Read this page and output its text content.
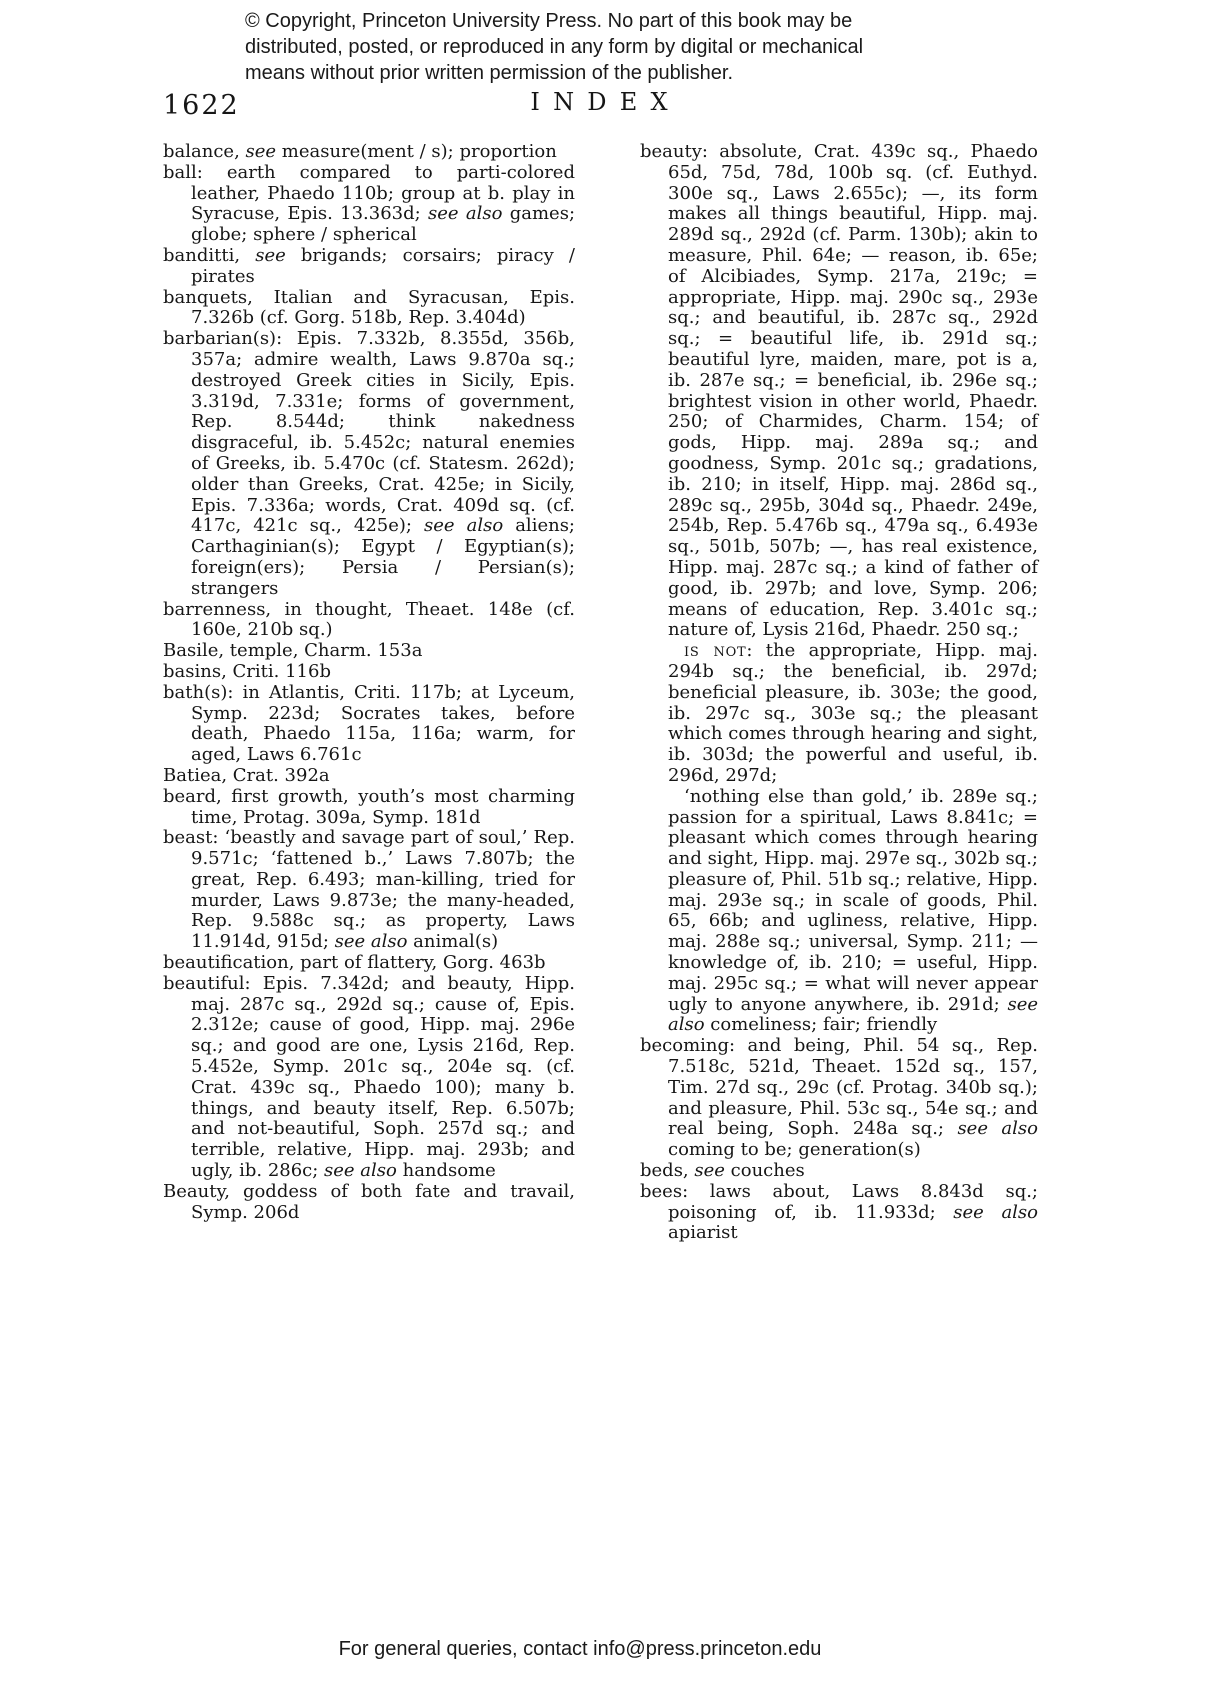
© Copyright, Princeton University Press. No part of this book may be
distributed, posted, or reproduced in any form by digital or mechanical
means without prior written permission of the publisher.
1622	INDEX

balance, see measure(ment / s); proportion

ball: earth compared to parti-colored leather, Phaedo 110b; group at b. play in Syracuse, Epis. 13.363d; see also games; globe; sphere / spherical

banditti, see brigands; corsairs; piracy / pirates

banquets, Italian and Syracusan, Epis. 7.326b (cf. Gorg. 518b, Rep. 3.404d)

barbarian(s): Epis. 7.332b, 8.355d, 356b, 357a; admire wealth, Laws 9.870a sq.; destroyed Greek cities in Sicily, Epis. 3.319d, 7.331e; forms of government, Rep. 8.544d; think nakedness disgraceful, ib. 5.452c; natural enemies of Greeks, ib. 5.470c (cf. Statesm. 262d); older than Greeks, Crat. 425e; in Sicily, Epis. 7.336a; words, Crat. 409d sq. (cf. 417c, 421c sq., 425e); see also aliens; Carthaginian(s); Egypt / Egyptian(s); foreign(ers); Persia / Persian(s); strangers

barrenness, in thought, Theaet. 148e (cf. 160e, 210b sq.)

Basile, temple, Charm. 153a

basins, Criti. 116b

bath(s): in Atlantis, Criti. 117b; at Lyceum, Symp. 223d; Socrates takes, before death, Phaedo 115a, 116a; warm, for aged, Laws 6.761c

Batiea, Crat. 392a

beard, first growth, youth’s most charming time, Protag. 309a, Symp. 181d

beast: ‘beastly and savage part of soul,’ Rep. 9.571c; ‘fattened b.,’ Laws 7.807b; the great, Rep. 6.493; man-killing, tried for murder, Laws 9.873e; the many-headed, Rep. 9.588c sq.; as property, Laws 11.914d, 915d; see also animal(s)

beautification, part of flattery, Gorg. 463b

beautiful: Epis. 7.342d; and beauty, Hipp. maj. 287c sq., 292d sq.; cause of, Epis. 2.312e; cause of good, Hipp. maj. 296e sq.; and good are one, Lysis 216d, Rep. 5.452e, Symp. 201c sq., 204e sq. (cf. Crat. 439c sq., Phaedo 100); many b. things, and beauty itself, Rep. 6.507b; and not-beautiful, Soph. 257d sq.; and terrible, relative, Hipp. maj. 293b; and ugly, ib. 286c; see also handsome

Beauty, goddess of both fate and travail, Symp. 206d

beauty: absolute, Crat. 439c sq., Phaedo 65d, 75d, 78d, 100b sq. (cf. Euthyd. 300e sq., Laws 2.655c); —, its form makes all things beautiful, Hipp. maj. 289d sq., 292d (cf. Parm. 130b); akin to measure, Phil. 64e; — reason, ib. 65e; of Alcibiades, Symp. 217a, 219c; = appropriate, Hipp. maj. 290c sq., 293e sq.; and beautiful, ib. 287c sq., 292d sq.; = beautiful life, ib. 291d sq.; beautiful lyre, maiden, mare, pot is a, ib. 287e sq.; = beneficial, ib. 296e sq.; brightest vision in other world, Phaedr. 250; of Charmides, Charm. 154; of gods, Hipp. maj. 289a sq.; and goodness, Symp. 201c sq.; gradations, ib. 210; in itself, Hipp. maj. 286d sq., 289c sq., 295b, 304d sq., Phaedr. 249e, 254b, Rep. 5.476b sq., 479a sq., 6.493e sq., 501b, 507b; —, has real existence, Hipp. maj. 287c sq.; a kind of father of good, ib. 297b; and love, Symp. 206; means of education, Rep. 3.401c sq.; nature of, Lysis 216d, Phaedr. 250 sq.;

is not: the appropriate, Hipp. maj. 294b sq.; the beneficial, ib. 297d; beneficial pleasure, ib. 303e; the good, ib. 297c sq., 303e sq.; the pleasant which comes through hearing and sight, ib. 303d; the powerful and useful, ib. 296d, 297d;

‘nothing else than gold,’ ib. 289e sq.; passion for a spiritual, Laws 8.841c; = pleasant which comes through hearing and sight, Hipp. maj. 297e sq., 302b sq.; pleasure of, Phil. 51b sq.; relative, Hipp. maj. 293e sq.; in scale of goods, Phil. 65, 66b; and ugliness, relative, Hipp. maj. 288e sq.; universal, Symp. 211; — knowledge of, ib. 210; = useful, Hipp. maj. 295c sq.; = what will never appear ugly to anyone anywhere, ib. 291d; see also comeliness; fair; friendly

becoming: and being, Phil. 54 sq., Rep. 7.518c, 521d, Theaet. 152d sq., 157, Tim. 27d sq., 29c (cf. Protag. 340b sq.); and pleasure, Phil. 53c sq., 54e sq.; and real being, Soph. 248a sq.; see also coming to be; generation(s)

beds, see couches

bees: laws about, Laws 8.843d sq.; poisoning of, ib. 11.933d; see also apiarist

For general queries, contact info@press.princeton.edu
